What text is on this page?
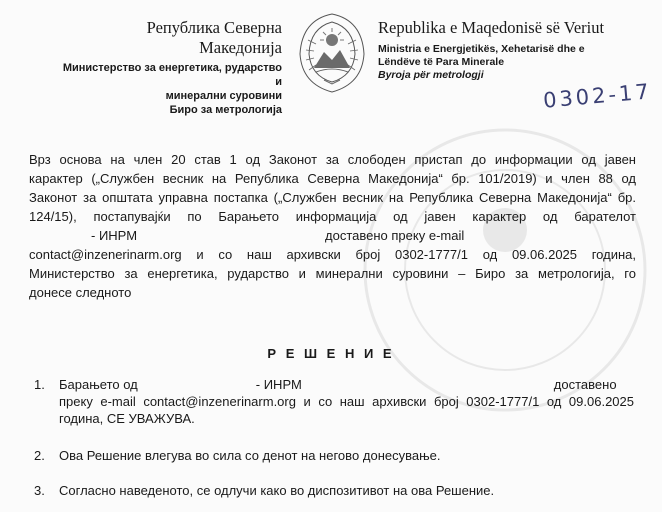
Република Северна Македонија
Министерство за енергетика, рударство и
минерални суровини
Биро за метрологија
Republika e Maqedonisë së Veriut
Ministria e Energjetikës, Xehetarisë dhe e
Lëndëve të Para Minerale
Byroja për metrologji
0302-17
Врз основа на член 20 став 1 од Законот за слободен пристап до информации од јавен
карактер („Службен весник на Република Северна Македонија“ бр. 101/2019) и член 88 од
Законот за општата управна постапка („Службен весник на Република Северна Македонија“ бр.
124/15), постапувајќи по Барањето информација од јавен карактер од барателот
- ИНРМ	доставено преку e-mail
contact@inzenerinarm.org и со наш архивски број 0302-1777/1 од 09.06.2025 година,
Министерство за енергетика, рударство и минерални суровини – Биро за метрологија, го
донесе следното
Р Е Ш Е Н И Е
1. Барањето од	- ИНРМ	доставено
преку e-mail contact@inzenerinarm.org и со наш архивски број 0302-1777/1 од 09.06.2025
година, СЕ УВАЖУВА.
2. Ова Решение влегува во сила со денот на неговo донесување.
3. Согласно наведеното, се одлучи како во диспозитивот на ова Решение.
